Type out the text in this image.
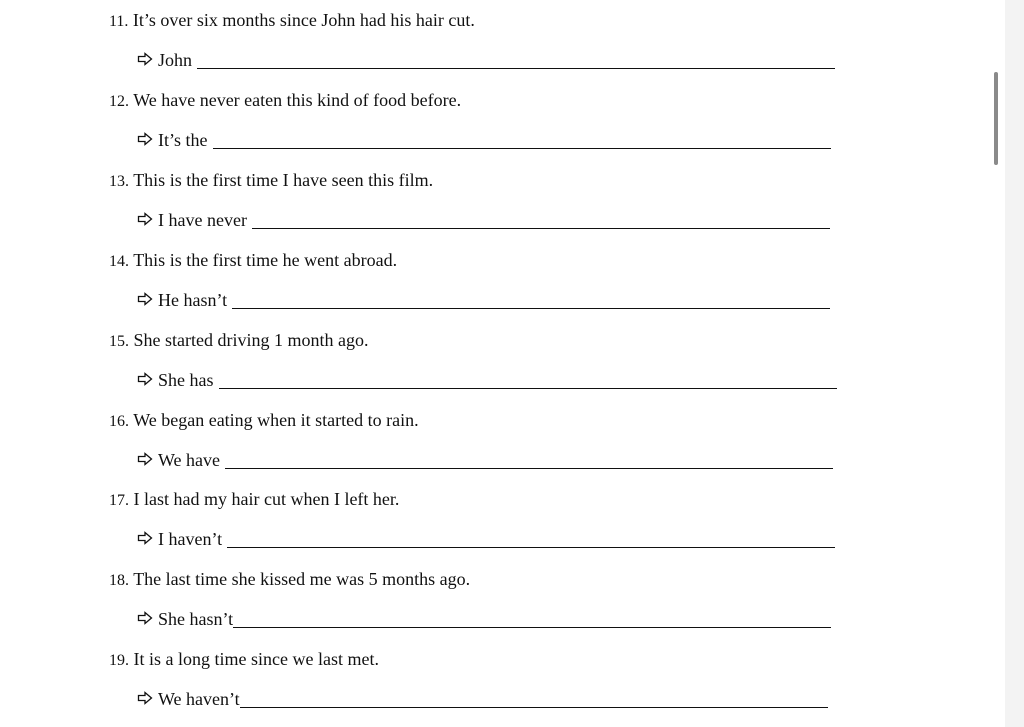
11. It’s over six months since John had his hair cut.
John
12. We have never eaten this kind of food before.
It’s the
13. This is the first time I have seen this film.
I have never
14. This is the first time he went abroad.
He hasn’t
15. She started driving 1 month ago.
She has
16. We began eating when it started to rain.
We have
17. I last had my hair cut when I left her.
I haven’t
18. The last time she kissed me was 5 months ago.
She hasn’t
19. It is a long time since we last met.
We haven’t
